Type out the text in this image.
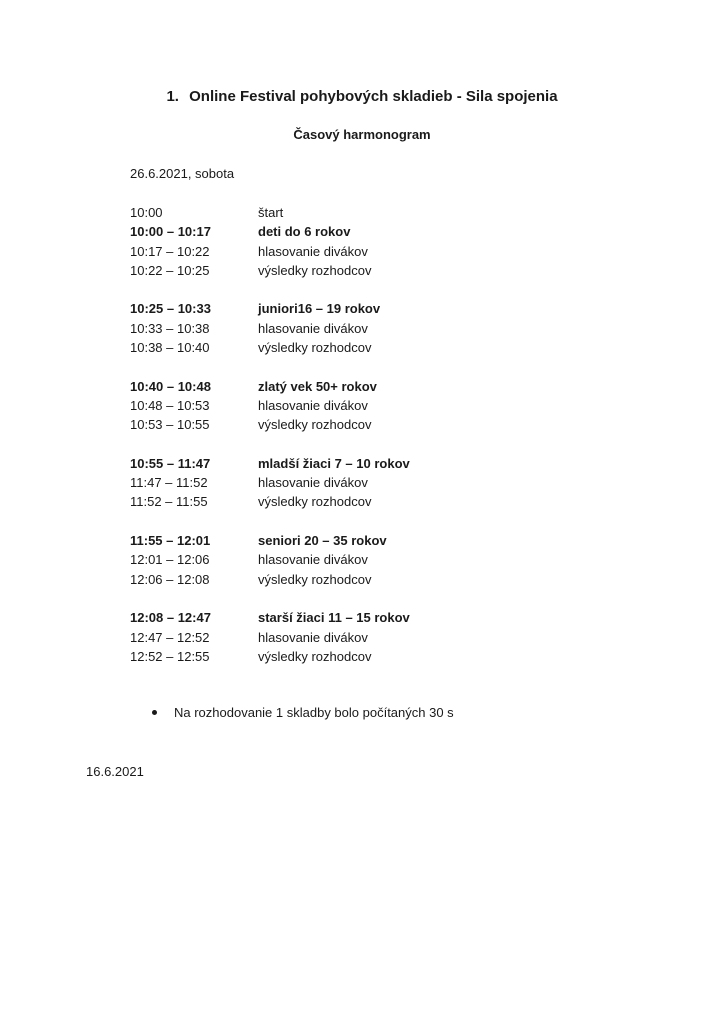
1. Online Festival pohybových skladieb - Sila spojenia
Časový harmonogram
26.6.2021, sobota
10:00	štart
10:00 – 10:17	deti do 6 rokov
10:17 – 10:22	hlasovanie divákov
10:22 – 10:25	výsledky rozhodcov
10:25 – 10:33	juniori16 – 19 rokov
10:33 – 10:38	hlasovanie divákov
10:38 – 10:40	výsledky rozhodcov
10:40 – 10:48	zlatý vek 50+ rokov
10:48 – 10:53	hlasovanie divákov
10:53 – 10:55	výsledky rozhodcov
10:55 – 11:47	mladší žiaci 7 – 10 rokov
11:47 – 11:52	hlasovanie divákov
11:52 – 11:55	výsledky rozhodcov
11:55 – 12:01	seniori 20 – 35 rokov
12:01 – 12:06	hlasovanie divákov
12:06 – 12:08	výsledky rozhodcov
12:08 – 12:47	starší žiaci 11 – 15 rokov
12:47 – 12:52	hlasovanie divákov
12:52 – 12:55	výsledky rozhodcov
Na rozhodovanie 1 skladby bolo počítaných 30 s
16.6.2021
